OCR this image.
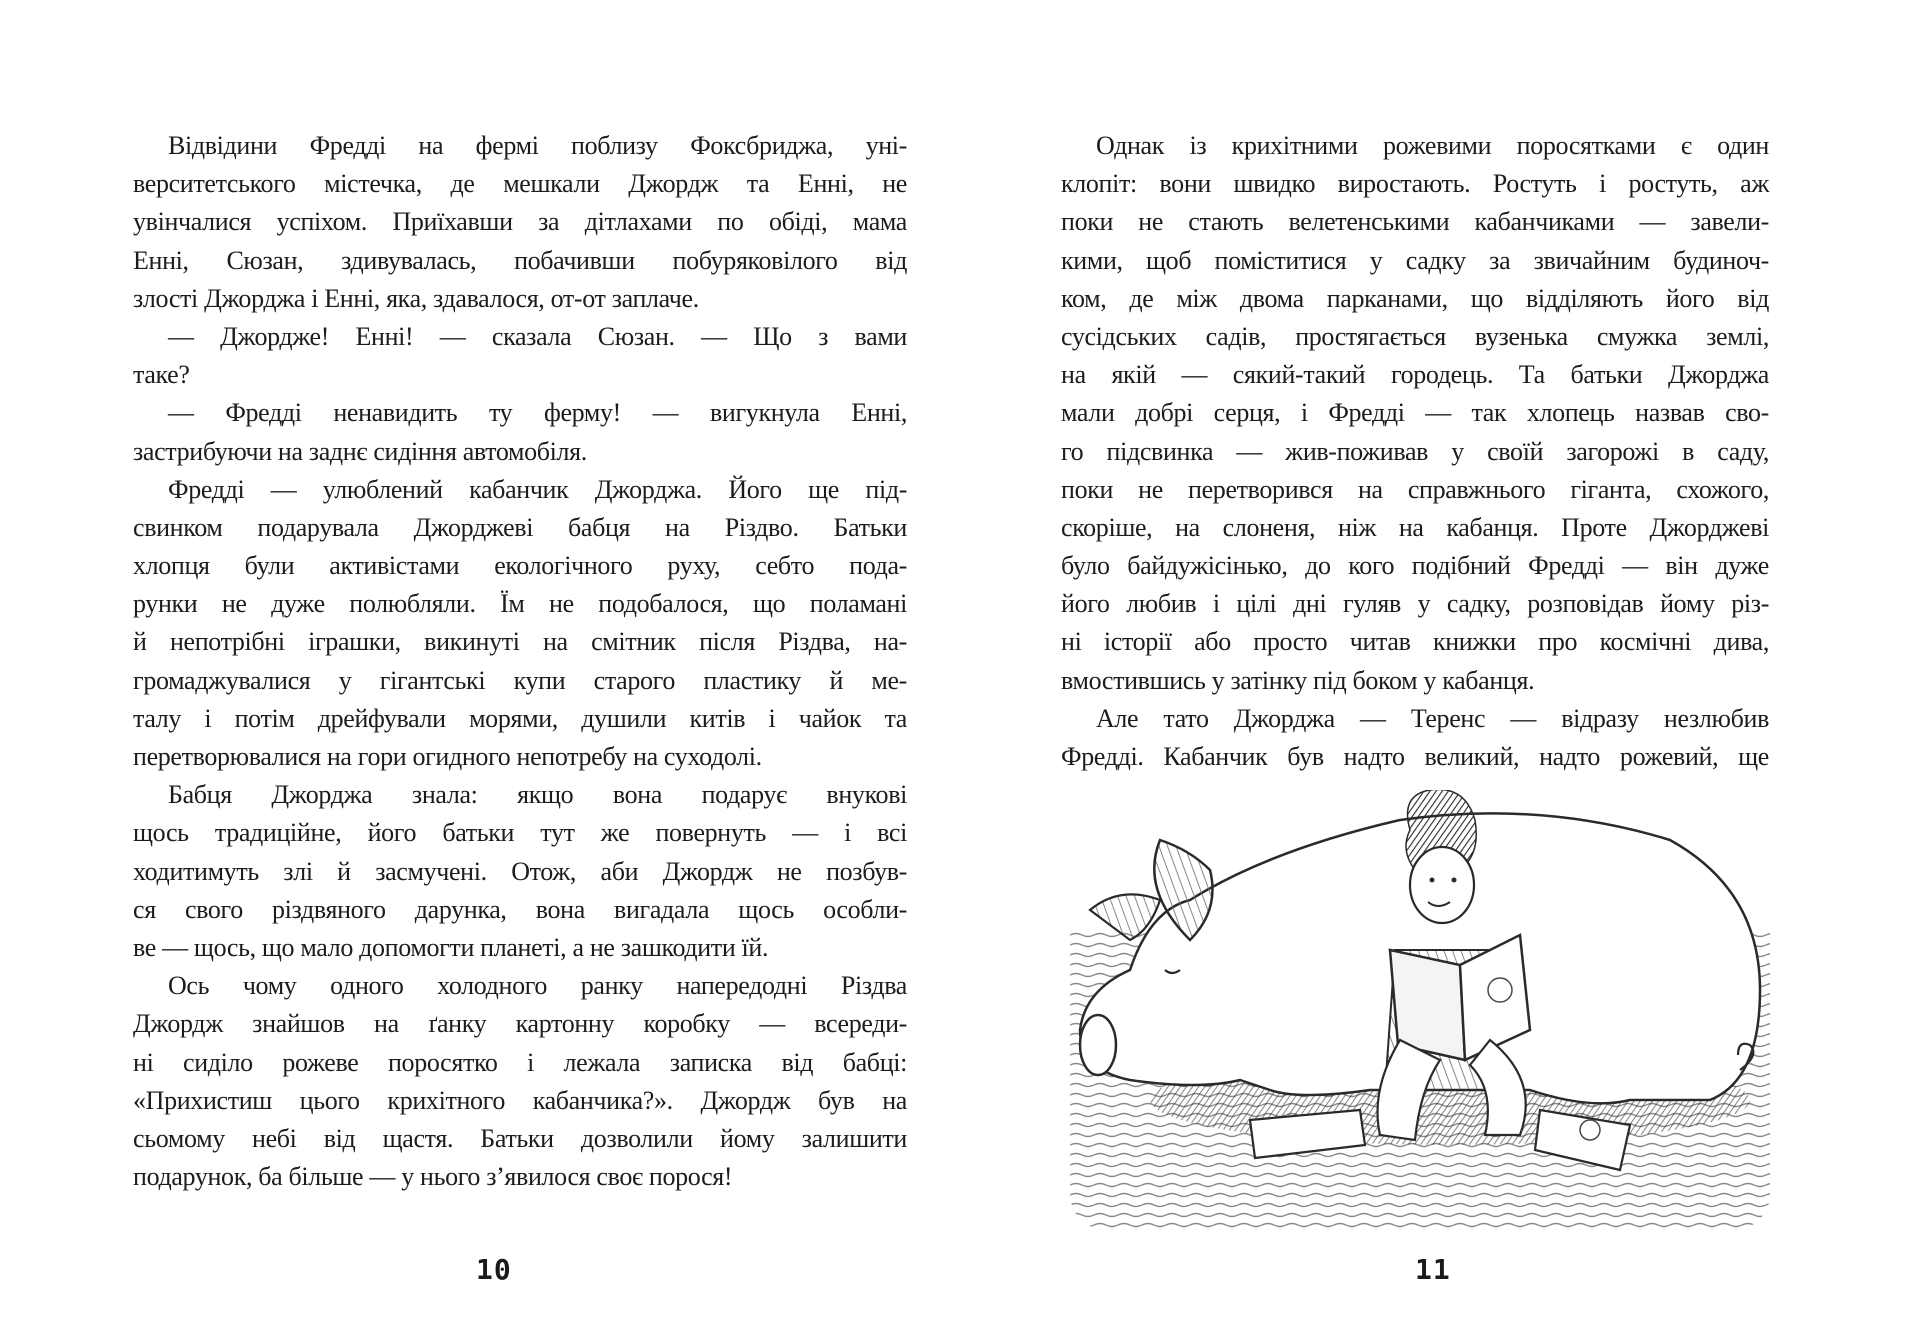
Відвідини Фредді на фермі поблизу Фоксбриджа, уні-
верситетського містечка, де мешкали Джордж та Енні, не
увінчалися успіхом. Приїхавши за дітлахами по обіді, мама
Енні, Сюзан, здивувалась, побачивши побуряковілого від
злості Джорджа і Енні, яка, здавалося, от-от заплаче.
— Джордже! Енні! — сказала Сюзан. — Що з вами
таке?
— Фредді ненавидить ту ферму! — вигукнула Енні,
застрибуючи на заднє сидіння автомобіля.
Фредді — улюблений кабанчик Джорджа. Його ще під-
свинком подарувала Джорджеві бабця на Різдво. Батьки
хлопця були активістами екологічного руху, себто пода-
рунки не дуже полюбляли. Їм не подобалося, що поламані
й непотрібні іграшки, викинуті на смітник після Різдва, на-
громаджувалися у гігантські купи старого пластику й ме-
талу і потім дрейфували морями, душили китів і чайок та
перетворювалися на гори огидного непотребу на суходолі.
Бабця Джорджа знала: якщо вона подарує внукові
щось традиційне, його батьки тут же повернуть — і всі
ходитимуть злі й засмучені. Отож, аби Джордж не позбув-
ся свого різдвяного дарунка, вона вигадала щось особли-
ве — щось, що мало допомогти планеті, а не зашкодити їй.
Ось чому одного холодного ранку напередодні Різдва
Джордж знайшов на ґанку картонну коробку — всереди-
ні сиділо рожеве поросятко і лежала записка від бабці:
«Прихистиш цього крихітного кабанчика?». Джордж був на
сьомому небі від щастя. Батьки дозволили йому залишити
подарунок, ба більше — у нього з’явилося своє порося!
10
Однак із крихітними рожевими поросятками є один
клопіт: вони швидко виростають. Ростуть і ростуть, аж
поки не стають велетенськими кабанчиками — завели-
кими, щоб поміститися у садку за звичайним будиноч-
ком, де між двома парканами, що відділяють його від
сусідських садів, простягається вузенька смужка землі,
на якій — сякий-такий городець. Та батьки Джорджа
мали добрі серця, і Фредді — так хлопець назвав сво-
го підсвинка — жив-поживав у своїй загорожі в саду,
поки не перетворився на справжнього гіганта, схожого,
скоріше, на слоненя, ніж на кабанця. Проте Джорджеві
було байдужісінько, до кого подібний Фредді — він дуже
його любив і цілі дні гуляв у садку, розповідав йому різ-
ні історії або просто читав книжки про космічні дива,
вмостившись у затінку під боком у кабанця.
Але тато Джорджа — Теренс — відразу незлюбив
Фредді. Кабанчик був надто великий, надто рожевий, ще
11
